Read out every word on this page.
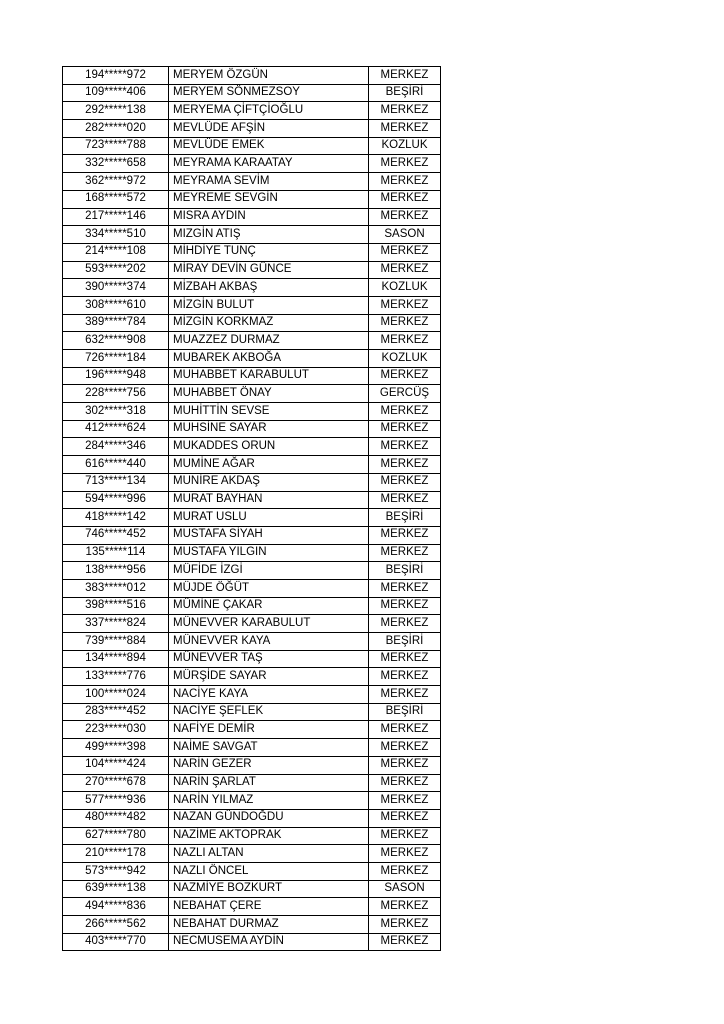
194*****972	MERYEM ÖZGÜN	MERKEZ
109*****406	MERYEM SÖNMEZSOY	BEŞİRİ
292*****138	MERYEMA ÇİFTÇİOĞLU	MERKEZ
282*****020	MEVLÜDE AFŞİN	MERKEZ
723*****788	MEVLÜDE EMEK	KOZLUK
332*****658	MEYRAMA KARAATAY	MERKEZ
362*****972	MEYRAMA SEVİM	MERKEZ
168*****572	MEYREME SEVGİN	MERKEZ
217*****146	MISRA AYDIN	MERKEZ
334*****510	MIZGİN ATIŞ	SASON
214*****108	MİHDİYE TUNÇ	MERKEZ
593*****202	MİRAY DEVİN GÜNCE	MERKEZ
390*****374	MİZBAH AKBAŞ	KOZLUK
308*****610	MİZGİN BULUT	MERKEZ
389*****784	MİZGİN KORKMAZ	MERKEZ
632*****908	MUAZZEZ DURMAZ	MERKEZ
726*****184	MUBAREK AKBOĞA	KOZLUK
196*****948	MUHABBET KARABULUT	MERKEZ
228*****756	MUHABBET ÖNAY	GERCÜŞ
302*****318	MUHİTTİN SEVSE	MERKEZ
412*****624	MUHSİNE SAYAR	MERKEZ
284*****346	MUKADDES ORUN	MERKEZ
616*****440	MUMİNE AĞAR	MERKEZ
713*****134	MUNİRE AKDAŞ	MERKEZ
594*****996	MURAT BAYHAN	MERKEZ
418*****142	MURAT USLU	BEŞİRİ
746*****452	MUSTAFA SİYAH	MERKEZ
135*****114	MUSTAFA YILGIN	MERKEZ
138*****956	MÜFİDE İZGİ	BEŞİRİ
383*****012	MÜJDE ÖĞÜT	MERKEZ
398*****516	MÜMİNE ÇAKAR	MERKEZ
337*****824	MÜNEVVER KARABULUT	MERKEZ
739*****884	MÜNEVVER KAYA	BEŞİRİ
134*****894	MÜNEVVER TAŞ	MERKEZ
133*****776	MÜRŞİDE SAYAR	MERKEZ
100*****024	NACİYE KAYA	MERKEZ
283*****452	NACİYE ŞEFLEK	BEŞİRİ
223*****030	NAFİYE DEMİR	MERKEZ
499*****398	NAİME SAVGAT	MERKEZ
104*****424	NARİN GEZER	MERKEZ
270*****678	NARİN ŞARLAT	MERKEZ
577*****936	NARİN YILMAZ	MERKEZ
480*****482	NAZAN GÜNDOĞDU	MERKEZ
627*****780	NAZİME AKTOPRAK	MERKEZ
210*****178	NAZLI ALTAN	MERKEZ
573*****942	NAZLI ÖNCEL	MERKEZ
639*****138	NAZMİYE BOZKURT	SASON
494*****836	NEBAHAT ÇERE	MERKEZ
266*****562	NEBAHAT DURMAZ	MERKEZ
403*****770	NECMUSEMA AYDİN	MERKEZ
